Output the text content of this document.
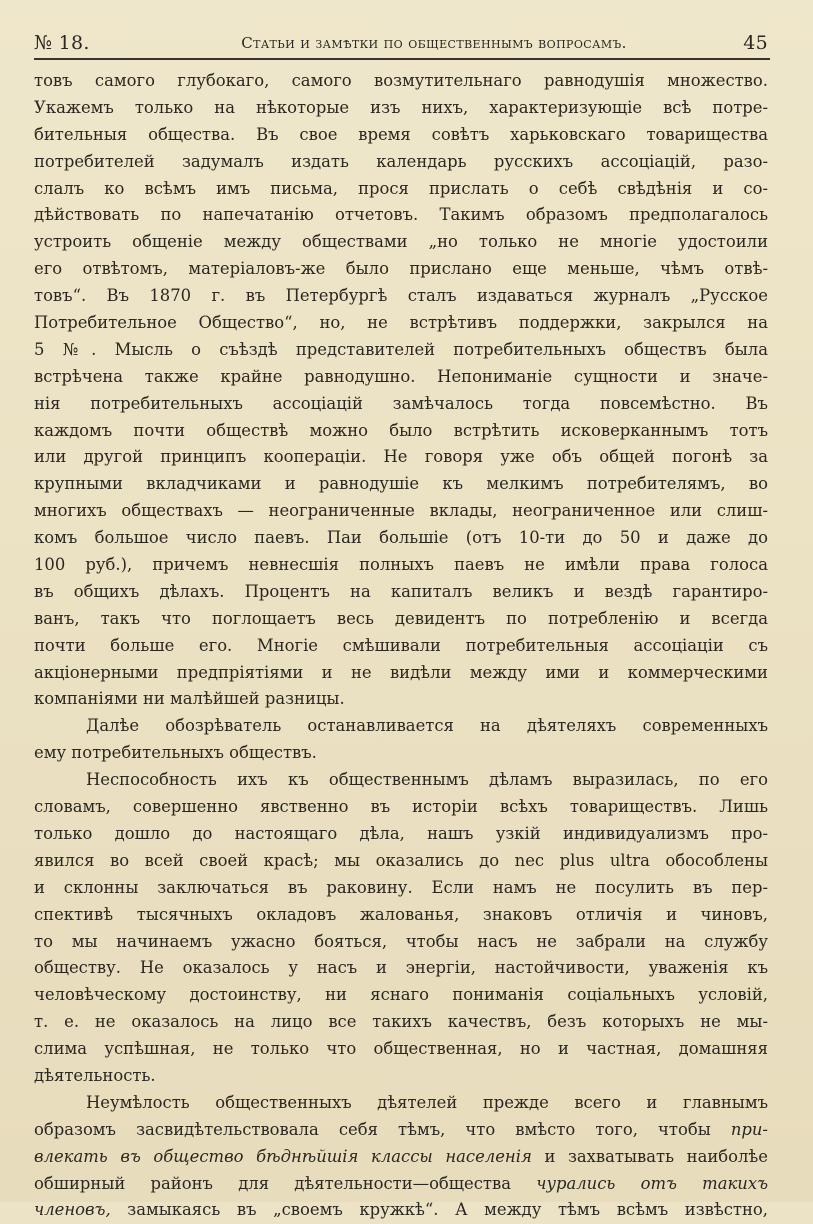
№ 18.	Статьи и замѣтки по общественнымъ вопросамъ.	45
товъ самого глубокаго, самого возмутительнаго равнодушія множество.
Укажемъ только на нѣкоторые изъ нихъ, характеризующіе всѣ потре-
бительныя общества. Въ свое время совѣтъ харьковскаго товарищества
потребителей задумалъ издать календарь русскихъ ассоціацій, разо-
слалъ ко всѣмъ имъ письма, прося прислать о себѣ свѣдѣнія и со-
дѣйствовать по напечатанію отчетовъ. Такимъ образомъ предполагалось
устроить общеніе между обществами „но только не многіе удостоили
его отвѣтомъ, матеріаловъ-же было прислано еще меньше, чѣмъ отвѣ-
товъ“. Въ 1870 г. въ Петербургѣ сталъ издаваться журналъ „Русское
Потребительное Общество“, но, не встрѣтивъ поддержки, закрылся на
5 №. Мысль о съѣздѣ представителей потребительныхъ обществъ была
встрѣчена также крайне равнодушно. Непониманіе сущности и значе-
нія потребительныхъ ассоціацій замѣчалось тогда повсемѣстно. Въ
каждомъ почти обществѣ можно было встрѣтить исковерканнымъ тотъ
или другой принципъ кооперацiи. Не говоря уже объ общей погонѣ за
крупными вкладчиками и равнодушіе къ мелкимъ потребителямъ, во
многихъ обществахъ — неограниченные вклады, неограниченное или слиш-
комъ большое число паевъ. Паи большіе (отъ 10-ти до 50 и даже до
100 руб.), причемъ невнесшія полныхъ паевъ не имѣли права голоса
въ общихъ дѣлахъ. Процентъ на капиталъ великъ и вездѣ гарантиро-
ванъ, такъ что поглощаетъ весь девидентъ по потребленію и всегда
почти больше его. Многіе смѣшивали потребительныя ассоціаціи съ
акціонерными предпріятіями и не видѣли между ими и коммерческими
компаніями ни малѣйшей разницы.
Далѣе обозрѣватель останавливается на дѣятеляхъ современныхъ
ему потребительныхъ обществъ.
Неспособность ихъ къ общественнымъ дѣламъ выразилась, по его
словамъ, совершенно явственно въ исторіи всѣхъ товариществъ. Лишь
только дошло до настоящаго дѣла, нашъ узкій индивидуализмъ про-
явился во всей своей красѣ; мы оказались до nec plus ultra обособлены
и склонны заключаться въ раковину. Если намъ не посулить въ пер-
спективѣ тысячныхъ окладовъ жалованья, знаковъ отличія и чиновъ,
то мы начинаемъ ужасно бояться, чтобы насъ не забрали на службу
обществу. Не оказалось у насъ и энергіи, настойчивости, уваженія къ
человѣческому достоинству, ни яснаго пониманія соціальныхъ условій,
т. е. не оказалось на лицо все такихъ качествъ, безъ которыхъ не мы-
слима успѣшная, не только что общественная, но и частная, домашняя
дѣятельность.
Неумѣлость общественныхъ дѣятелей прежде всего и главнымъ
образомъ засвидѣтельствовала себя тѣмъ, что вмѣсто того, чтобы при-
влекать въ общество бѣднѣйшія классы населенія и захватывать наиболѣе
обширный районъ для дѣятельности—общества чурались отъ такихъ
членовъ, замыкаясь въ „своемъ кружкѣ“. А между тѣмъ всѣмъ извѣстно,
